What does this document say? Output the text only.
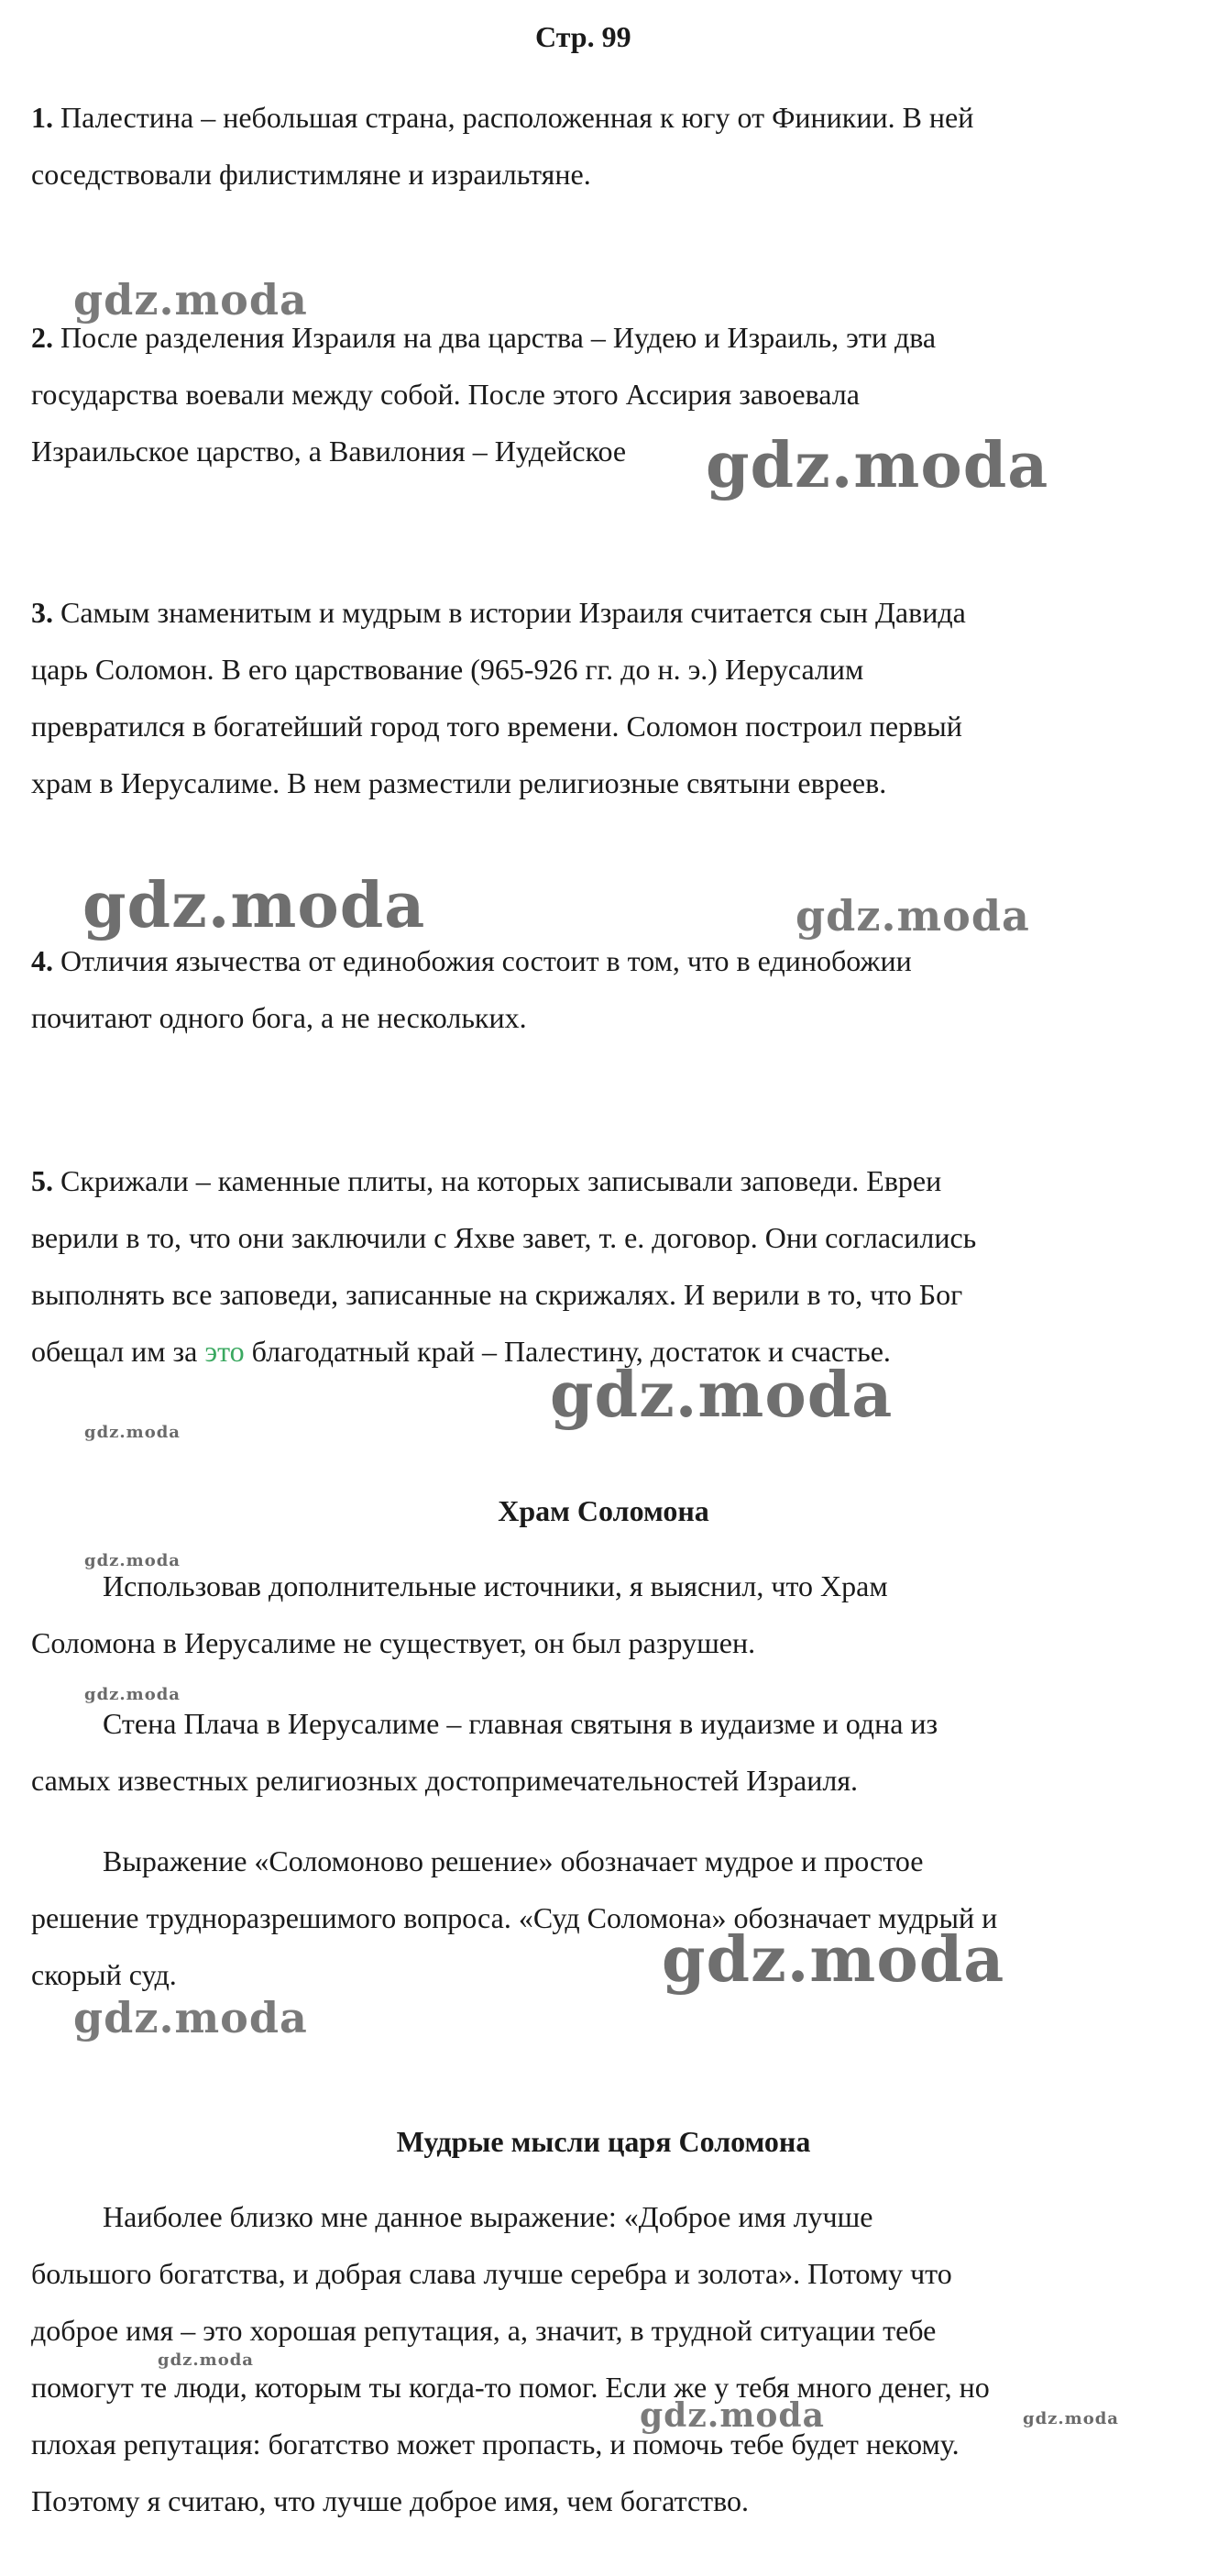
Стр. 99
1. Палестина – небольшая страна, расположенная к югу от Финикии. В ней
соседствовали филистимляне и израильтяне.
2. После разделения Израиля на два царства – Иудею и Израиль, эти два
государства воевали между собой. После этого Ассирия завоевала
Израильское царство, а Вавилония – Иудейское
3. Самым знаменитым и мудрым в истории Израиля считается сын Давида
царь Соломон. В его царствование (965-926 гг. до н. э.) Иерусалим
превратился в богатейший город того времени. Соломон построил первый
храм в Иерусалиме. В нем разместили религиозные святыни евреев.
4. Отличия язычества от единобожия состоит в том, что в единобожии
почитают одного бога, а не нескольких.
5. Скрижали – каменные плиты, на которых записывали заповеди. Евреи
верили в то, что они заключили с Яхве завет, т. е. договор. Они согласились
выполнять все заповеди, записанные на скрижалях. И верили в то, что Бог
обещал им за это благодатный край – Палестину, достаток и счастье.
Храм Соломона
Использовав дополнительные источники, я выяснил, что Храм
Соломона в Иерусалиме не существует, он был разрушен.
Стена Плача в Иерусалиме – главная святыня в иудаизме и одна из
самых известных религиозных достопримечательностей Израиля.
Выражение «Соломоново решение» обозначает мудрое и простое
решение трудноразрешимого вопроса. «Суд Соломона» обозначает мудрый и
скорый суд.
Мудрые мысли царя Соломона
Наиболее близко мне данное выражение: «Доброе имя лучше
большого богатства, и добрая слава лучше серебра и золота». Потому что
доброе имя – это хорошая репутация, а, значит, в трудной ситуации тебе
помогут те люди, которым ты когда-то помог. Если же у тебя много денег, но
плохая репутация: богатство может пропасть, и помочь тебе будет некому.
Поэтому я считаю, что лучше доброе имя, чем богатство.
gdz.moda
gdz.moda
gdz.moda	gdz.moda
gdz.moda
gdz.moda
gdz.moda
gdz.moda
gdz.moda
gdz.moda
gdz.moda
gdz.moda	gdz.moda
